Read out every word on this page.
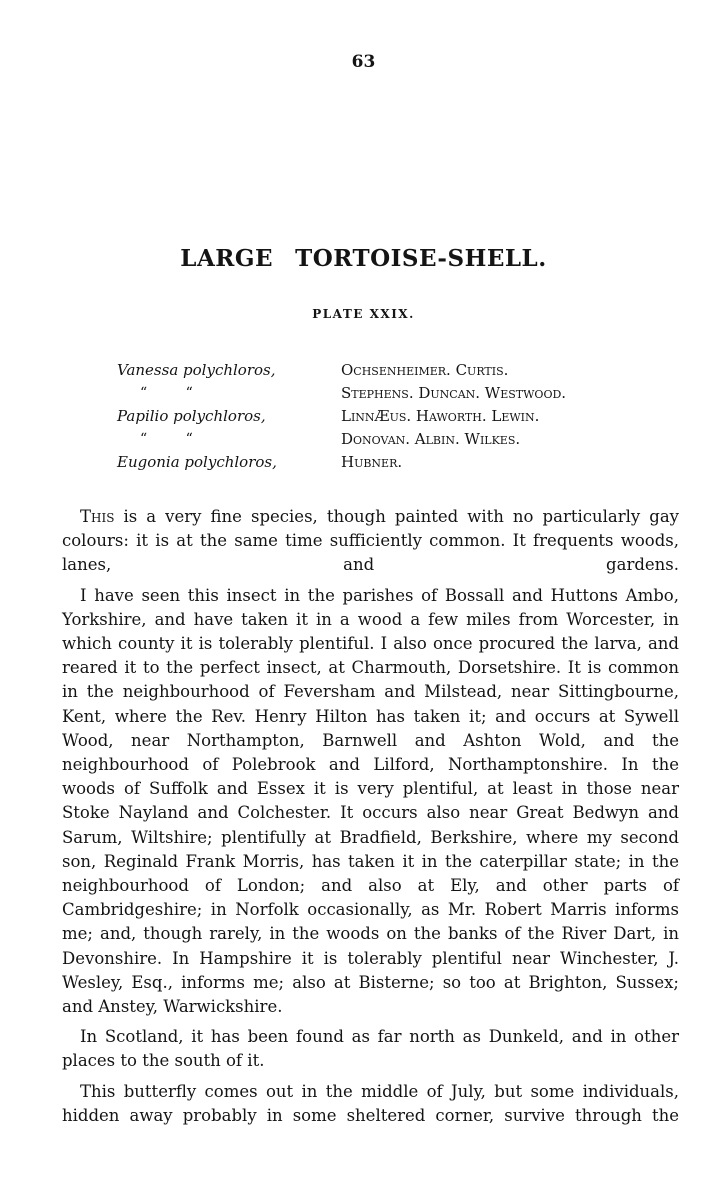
63
LARGE TORTOISE-SHELL.
PLATE XXIX.
Vanessa polychloros,	Ochsenheimer. Curtis.
“ “	Stephens. Duncan. Westwood.
Papilio polychloros,	LinnÆus. Haworth. Lewin.
“ “	Donovan. Albin. Wilkes.
Eugonia polychloros,	Hubner.

This is a very fine species, though painted with no particularly gay colours: it is at the same time sufficiently common. It frequents woods, lanes, and gardens.

I have seen this insect in the parishes of Bossall and Huttons Ambo, Yorkshire, and have taken it in a wood a few miles from Worcester, in which county it is tolerably plentiful. I also once procured the larva, and reared it to the perfect insect, at Charmouth, Dorsetshire. It is common in the neighbourhood of Feversham and Milstead, near Sittingbourne, Kent, where the Rev. Henry Hilton has taken it; and occurs at Sywell Wood, near Northampton, Barnwell and Ashton Wold, and the neighbourhood of Polebrook and Lilford, Northamptonshire. In the woods of Suffolk and Essex it is very plentiful, at least in those near Stoke Nayland and Colchester. It occurs also near Great Bedwyn and Sarum, Wiltshire; plentifully at Bradfield, Berkshire, where my second son, Reginald Frank Morris, has taken it in the caterpillar state; in the neighbourhood of London; and also at Ely, and other parts of Cambridgeshire; in Norfolk occasionally, as Mr. Robert Marris informs me; and, though rarely, in the woods on the banks of the River Dart, in Devonshire. In Hampshire it is tolerably plentiful near Winchester, J. Wesley, Esq., informs me; also at Bisterne; so too at Brighton, Sussex; and Anstey, Warwickshire.

In Scotland, it has been found as far north as Dunkeld, and in other places to the south of it.

This butterfly comes out in the middle of July, but some individuals, hidden away probably in some sheltered corner, survive through the
